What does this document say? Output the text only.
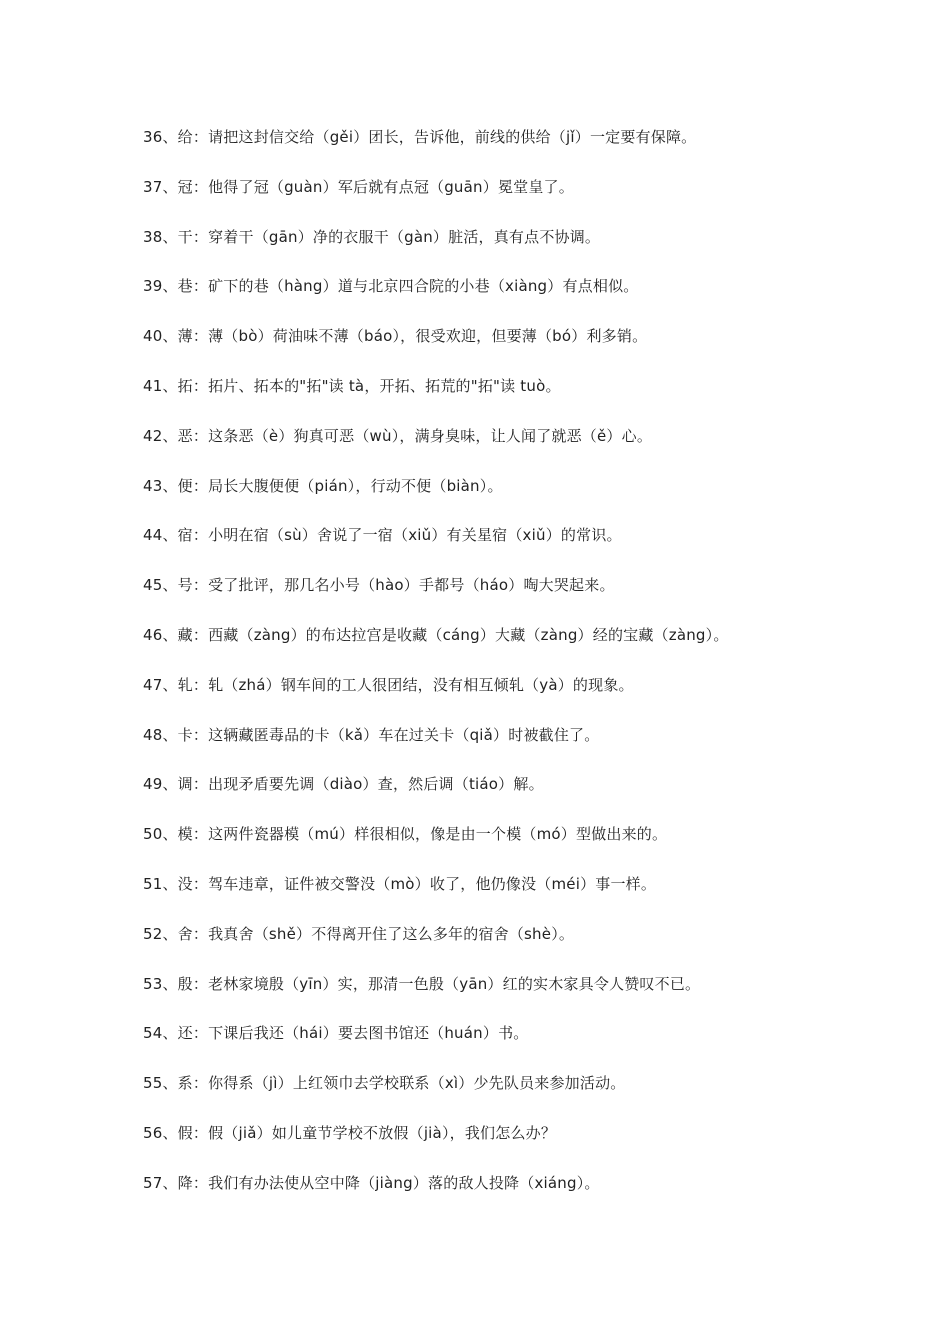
36、给：请把这封信交给（gěi）团长，告诉他，前线的供给（jǐ）一定要有保障。
37、冠：他得了冠（guàn）军后就有点冠（guān）冕堂皇了。
38、干：穿着干（gān）净的衣服干（gàn）脏活，真有点不协调。
39、巷：矿下的巷（hàng）道与北京四合院的小巷（xiàng）有点相似。
40、薄：薄（bò）荷油味不薄（báo），很受欢迎，但要薄（bó）利多销。
41、拓：拓片、拓本的"拓"读 tà，开拓、拓荒的"拓"读 tuò。
42、恶：这条恶（è）狗真可恶（wù），满身臭味，让人闻了就恶（ě）心。
43、便：局长大腹便便（pián），行动不便（biàn）。
44、宿：小明在宿（sù）舍说了一宿（xiǔ）有关星宿（xiǔ）的常识。
45、号：受了批评，那几名小号（hào）手都号（háo）啕大哭起来。
46、藏：西藏（zàng）的布达拉宫是收藏（cáng）大藏（zàng）经的宝藏（zàng）。
47、轧：轧（zhá）钢车间的工人很团结，没有相互倾轧（yà）的现象。
48、卡：这辆藏匿毒品的卡（kǎ）车在过关卡（qiǎ）时被截住了。
49、调：出现矛盾要先调（diào）查，然后调（tiáo）解。
50、模：这两件瓷器模（mú）样很相似，像是由一个模（mó）型做出来的。
51、没：驾车违章，证件被交警没（mò）收了，他仍像没（méi）事一样。
52、舍：我真舍（shě）不得离开住了这么多年的宿舍（shè）。
53、殷：老林家境殷（yīn）实，那清一色殷（yān）红的实木家具令人赞叹不已。
54、还：下课后我还（hái）要去图书馆还（huán）书。
55、系：你得系（jì）上红领巾去学校联系（xì）少先队员来参加活动。
56、假：假（jiǎ）如儿童节学校不放假（jià），我们怎么办？
57、降：我们有办法使从空中降（jiàng）落的敌人投降（xiáng）。
